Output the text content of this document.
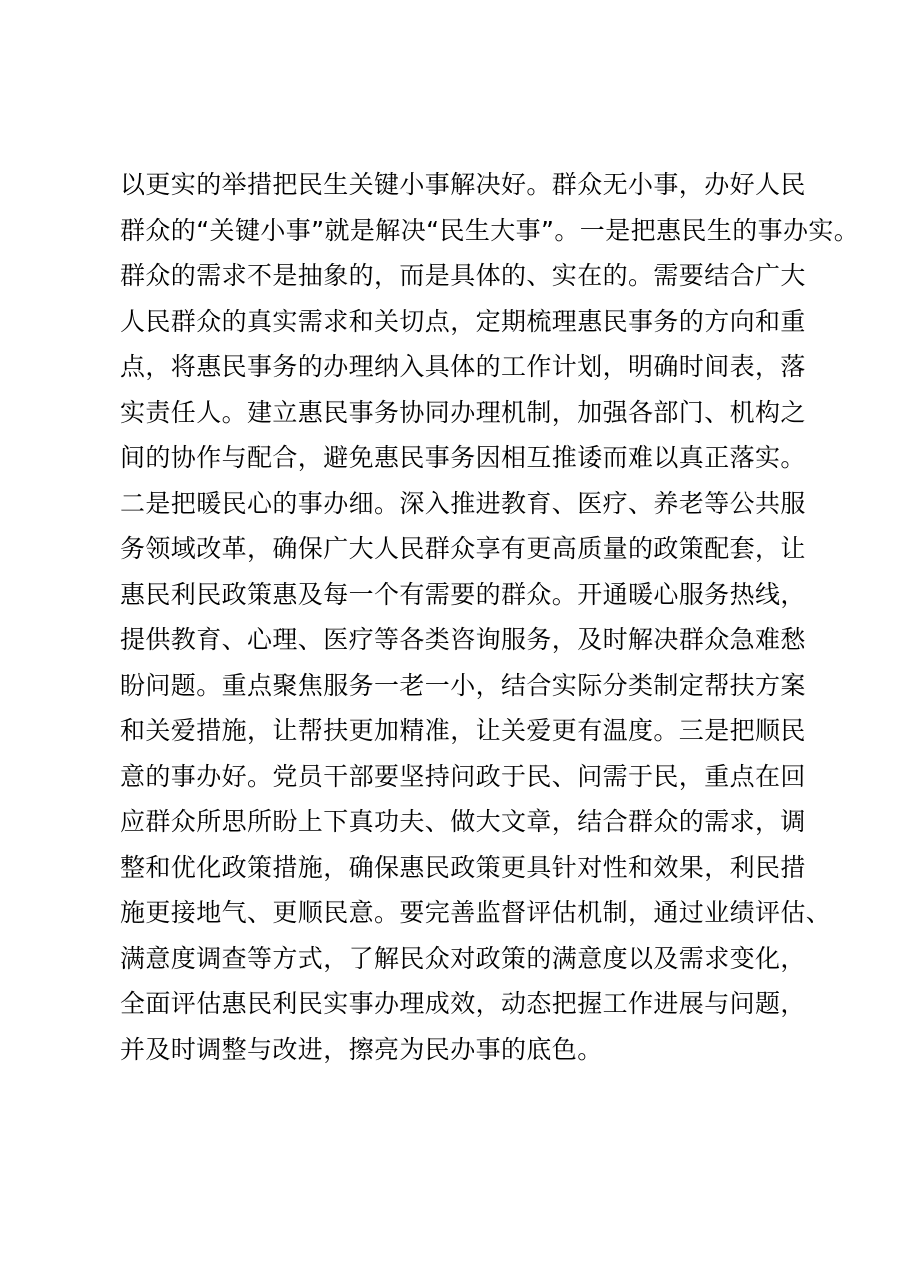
以更实的举措把民生关键小事解决好。群众无小事，办好人民
群众的“关键小事”就是解决“民生大事”。一是把惠民生的事办实。
群众的需求不是抽象的，而是具体的、实在的。需要结合广大
人民群众的真实需求和关切点，定期梳理惠民事务的方向和重
点，将惠民事务的办理纳入具体的工作计划，明确时间表，落
实责任人。建立惠民事务协同办理机制，加强各部门、机构之
间的协作与配合，避免惠民事务因相互推诿而难以真正落实。
二是把暖民心的事办细。深入推进教育、医疗、养老等公共服
务领域改革，确保广大人民群众享有更高质量的政策配套，让
惠民利民政策惠及每一个有需要的群众。开通暖心服务热线，
提供教育、心理、医疗等各类咨询服务，及时解决群众急难愁
盼问题。重点聚焦服务一老一小，结合实际分类制定帮扶方案
和关爱措施，让帮扶更加精准，让关爱更有温度。三是把顺民
意的事办好。党员干部要坚持问政于民、问需于民，重点在回
应群众所思所盼上下真功夫、做大文章，结合群众的需求，调
整和优化政策措施，确保惠民政策更具针对性和效果，利民措
施更接地气、更顺民意。要完善监督评估机制，通过业绩评估、
满意度调查等方式，了解民众对政策的满意度以及需求变化，
全面评估惠民利民实事办理成效，动态把握工作进展与问题，
并及时调整与改进，擦亮为民办事的底色。
